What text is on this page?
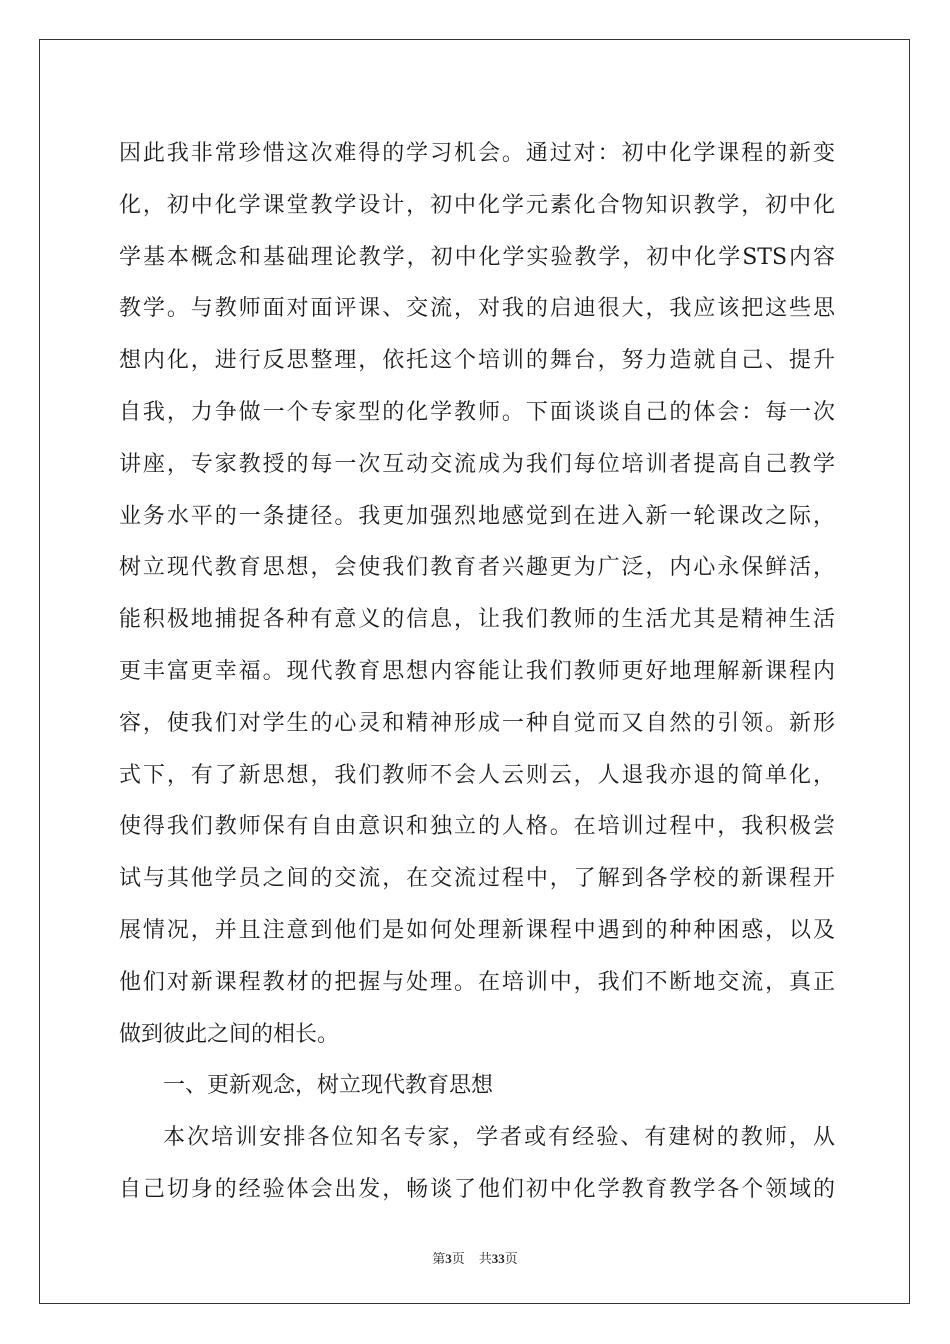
因此我非常珍惜这次难得的学习机会。通过对：初中化学课程的新变
化，初中化学课堂教学设计，初中化学元素化合物知识教学，初中化
学基本概念和基础理论教学，初中化学实验教学，初中化学STS内容
教学。与教师面对面评课、交流，对我的启迪很大，我应该把这些思
想内化，进行反思整理，依托这个培训的舞台，努力造就自己、提升
自我，力争做一个专家型的化学教师。下面谈谈自己的体会：每一次
讲座，专家教授的每一次互动交流成为我们每位培训者提高自己教学
业务水平的一条捷径。我更加强烈地感觉到在进入新一轮课改之际，
树立现代教育思想，会使我们教育者兴趣更为广泛，内心永保鲜活，
能积极地捕捉各种有意义的信息，让我们教师的生活尤其是精神生活
更丰富更幸福。现代教育思想内容能让我们教师更好地理解新课程内
容，使我们对学生的心灵和精神形成一种自觉而又自然的引领。新形
式下，有了新思想，我们教师不会人云则云，人退我亦退的简单化，
使得我们教师保有自由意识和独立的人格。在培训过程中，我积极尝
试与其他学员之间的交流，在交流过程中，了解到各学校的新课程开
展情况，并且注意到他们是如何处理新课程中遇到的种种困惑，以及
他们对新课程教材的把握与处理。在培训中，我们不断地交流，真正
做到彼此之间的相长。
一、更新观念，树立现代教育思想
本次培训安排各位知名专家，学者或有经验、有建树的教师，从
自己切身的经验体会出发，畅谈了他们初中化学教育教学各个领域的
第3页 共33页
